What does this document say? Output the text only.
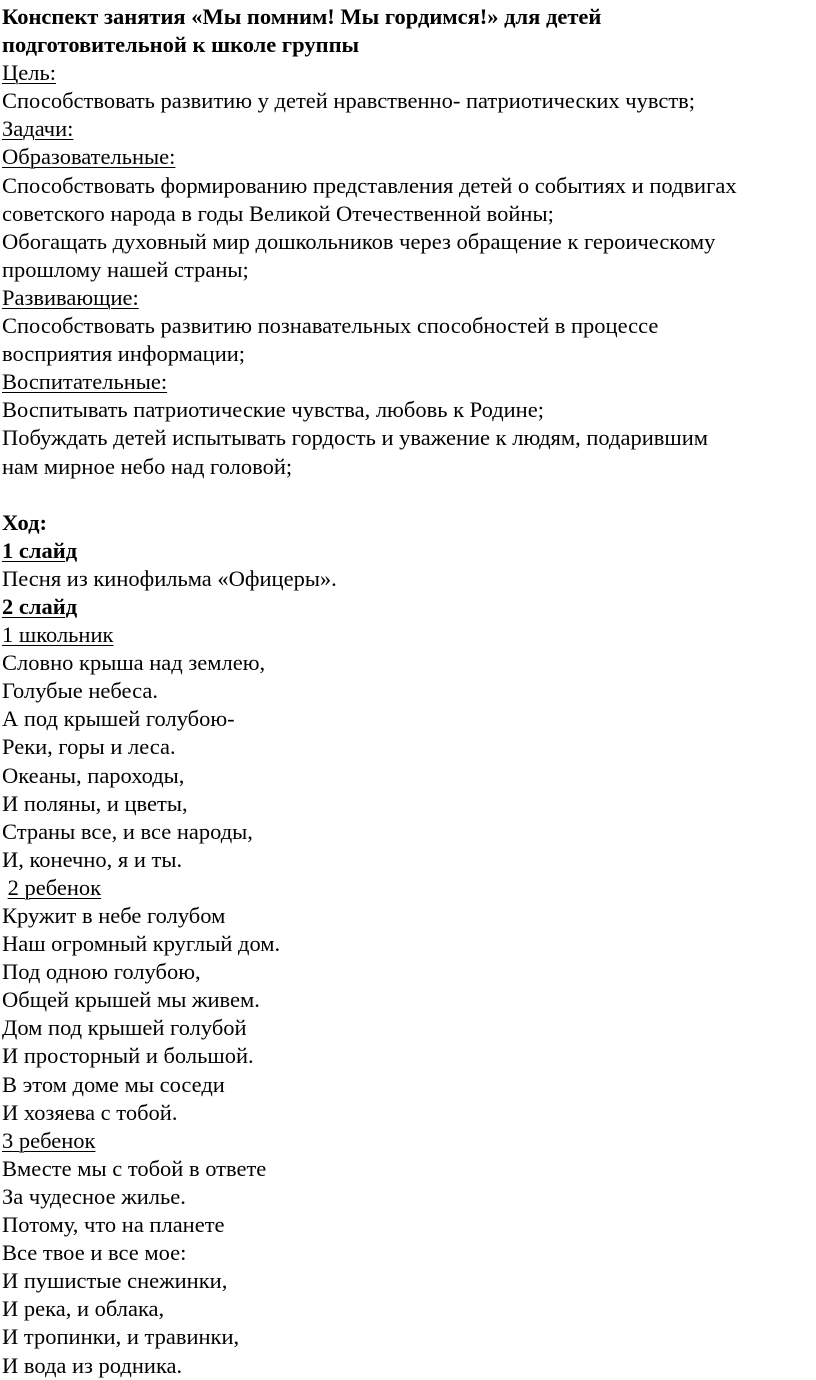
Конспект занятия «Мы помним! Мы гордимся!» для детей
подготовительной к школе группы
Цель:
Способствовать развитию у детей нравственно- патриотических чувств;
Задачи:
Образовательные:
Способствовать формированию представления детей о событиях и подвигах
советского народа в годы Великой Отечественной войны;
Обогащать духовный мир дошкольников через обращение к героическому
прошлому нашей страны;
Развивающие:
Способствовать развитию познавательных способностей в процессе
восприятия информации;
Воспитательные:
Воспитывать патриотические чувства, любовь к Родине;
Побуждать детей испытывать гордость и уважение к людям, подарившим
нам мирное небо над головой;
Ход:
1 слайд
Песня из кинофильма «Офицеры».
2 слайд
1 школьник
Словно крыша над землею,
Голубые небеса.
А под крышей голубою-
Реки, горы и леса.
Океаны, пароходы,
И поляны, и цветы,
Страны все, и все народы,
И, конечно, я и ты.
2 ребенок
Кружит в небе голубом
Наш огромный круглый дом.
Под одною голубою,
Общей крышей мы живем.
Дом под крышей голубой
И просторный и большой.
В этом доме мы соседи
И хозяева с тобой.
3 ребенок
Вместе мы с тобой в ответе
За чудесное жилье.
Потому, что на планете
Все твое и все мое:
И пушистые снежинки,
И река, и облака,
И тропинки, и травинки,
И вода из родника.
